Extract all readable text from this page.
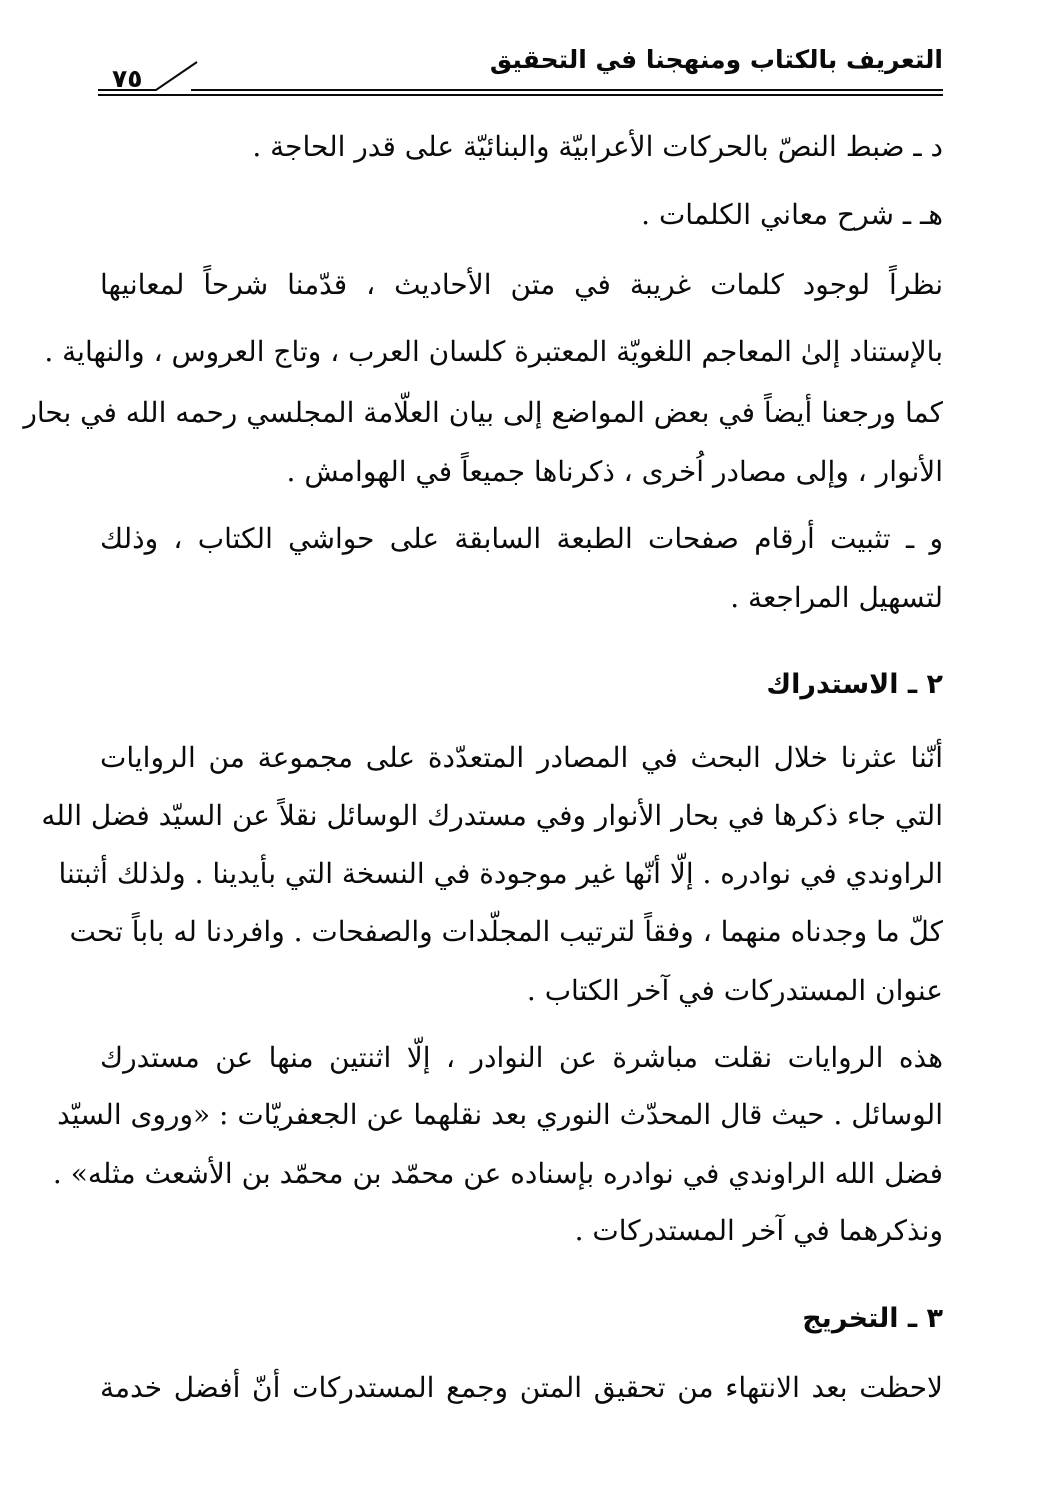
التعريف بالكتاب ومنهجنا في التحقيق
٧٥
د ـ ضبط النصّ بالحركات الأعرابيّة والبنائيّة على قدر الحاجة .
هـ ـ شرح معاني الكلمات .
نظراً لوجود كلمات غريبة في متن الأحاديث ، قدّمنا شرحاً لمعانيها
بالإستناد إلىٰ المعاجم اللغويّة المعتبرة كلسان العرب ، وتاج العروس ، والنهاية .
كما ورجعنا أيضاً في بعض المواضع إلى بيان العلّامة المجلسي رحمه الله في بحار
الأنوار ، وإلى مصادر اُخرى ، ذكرناها جميعاً في الهوامش .
و ـ تثبيت أرقام صفحات الطبعة السابقة على حواشي الكتاب ، وذلك
لتسهيل المراجعة .
٢ ـ الاستدراك
أنّنا عثرنا خلال البحث في المصادر المتعدّدة على مجموعة من الروايات
التي جاء ذكرها في بحار الأنوار وفي مستدرك الوسائل نقلاً عن السيّد فضل الله
الراوندي في نوادره . إلّا أنّها غير موجودة في النسخة التي بأيدينا . ولذلك أثبتنا
كلّ ما وجدناه منهما ، وفقاً لترتيب المجلّدات والصفحات . وافردنا له باباً تحت
عنوان المستدركات في آخر الكتاب .
هذه الروايات نقلت مباشرة عن النوادر ، إلّا اثنتين منها عن مستدرك
الوسائل . حيث قال المحدّث النوري بعد نقلهما عن الجعفريّات : «وروى السيّد
فضل الله الراوندي في نوادره بإسناده عن محمّد بن محمّد بن الأشعث مثله» .
ونذكرهما في آخر المستدركات .
٣ ـ التخريج
لاحظت بعد الانتهاء من تحقيق المتن وجمع المستدركات أنّ أفضل خدمة
